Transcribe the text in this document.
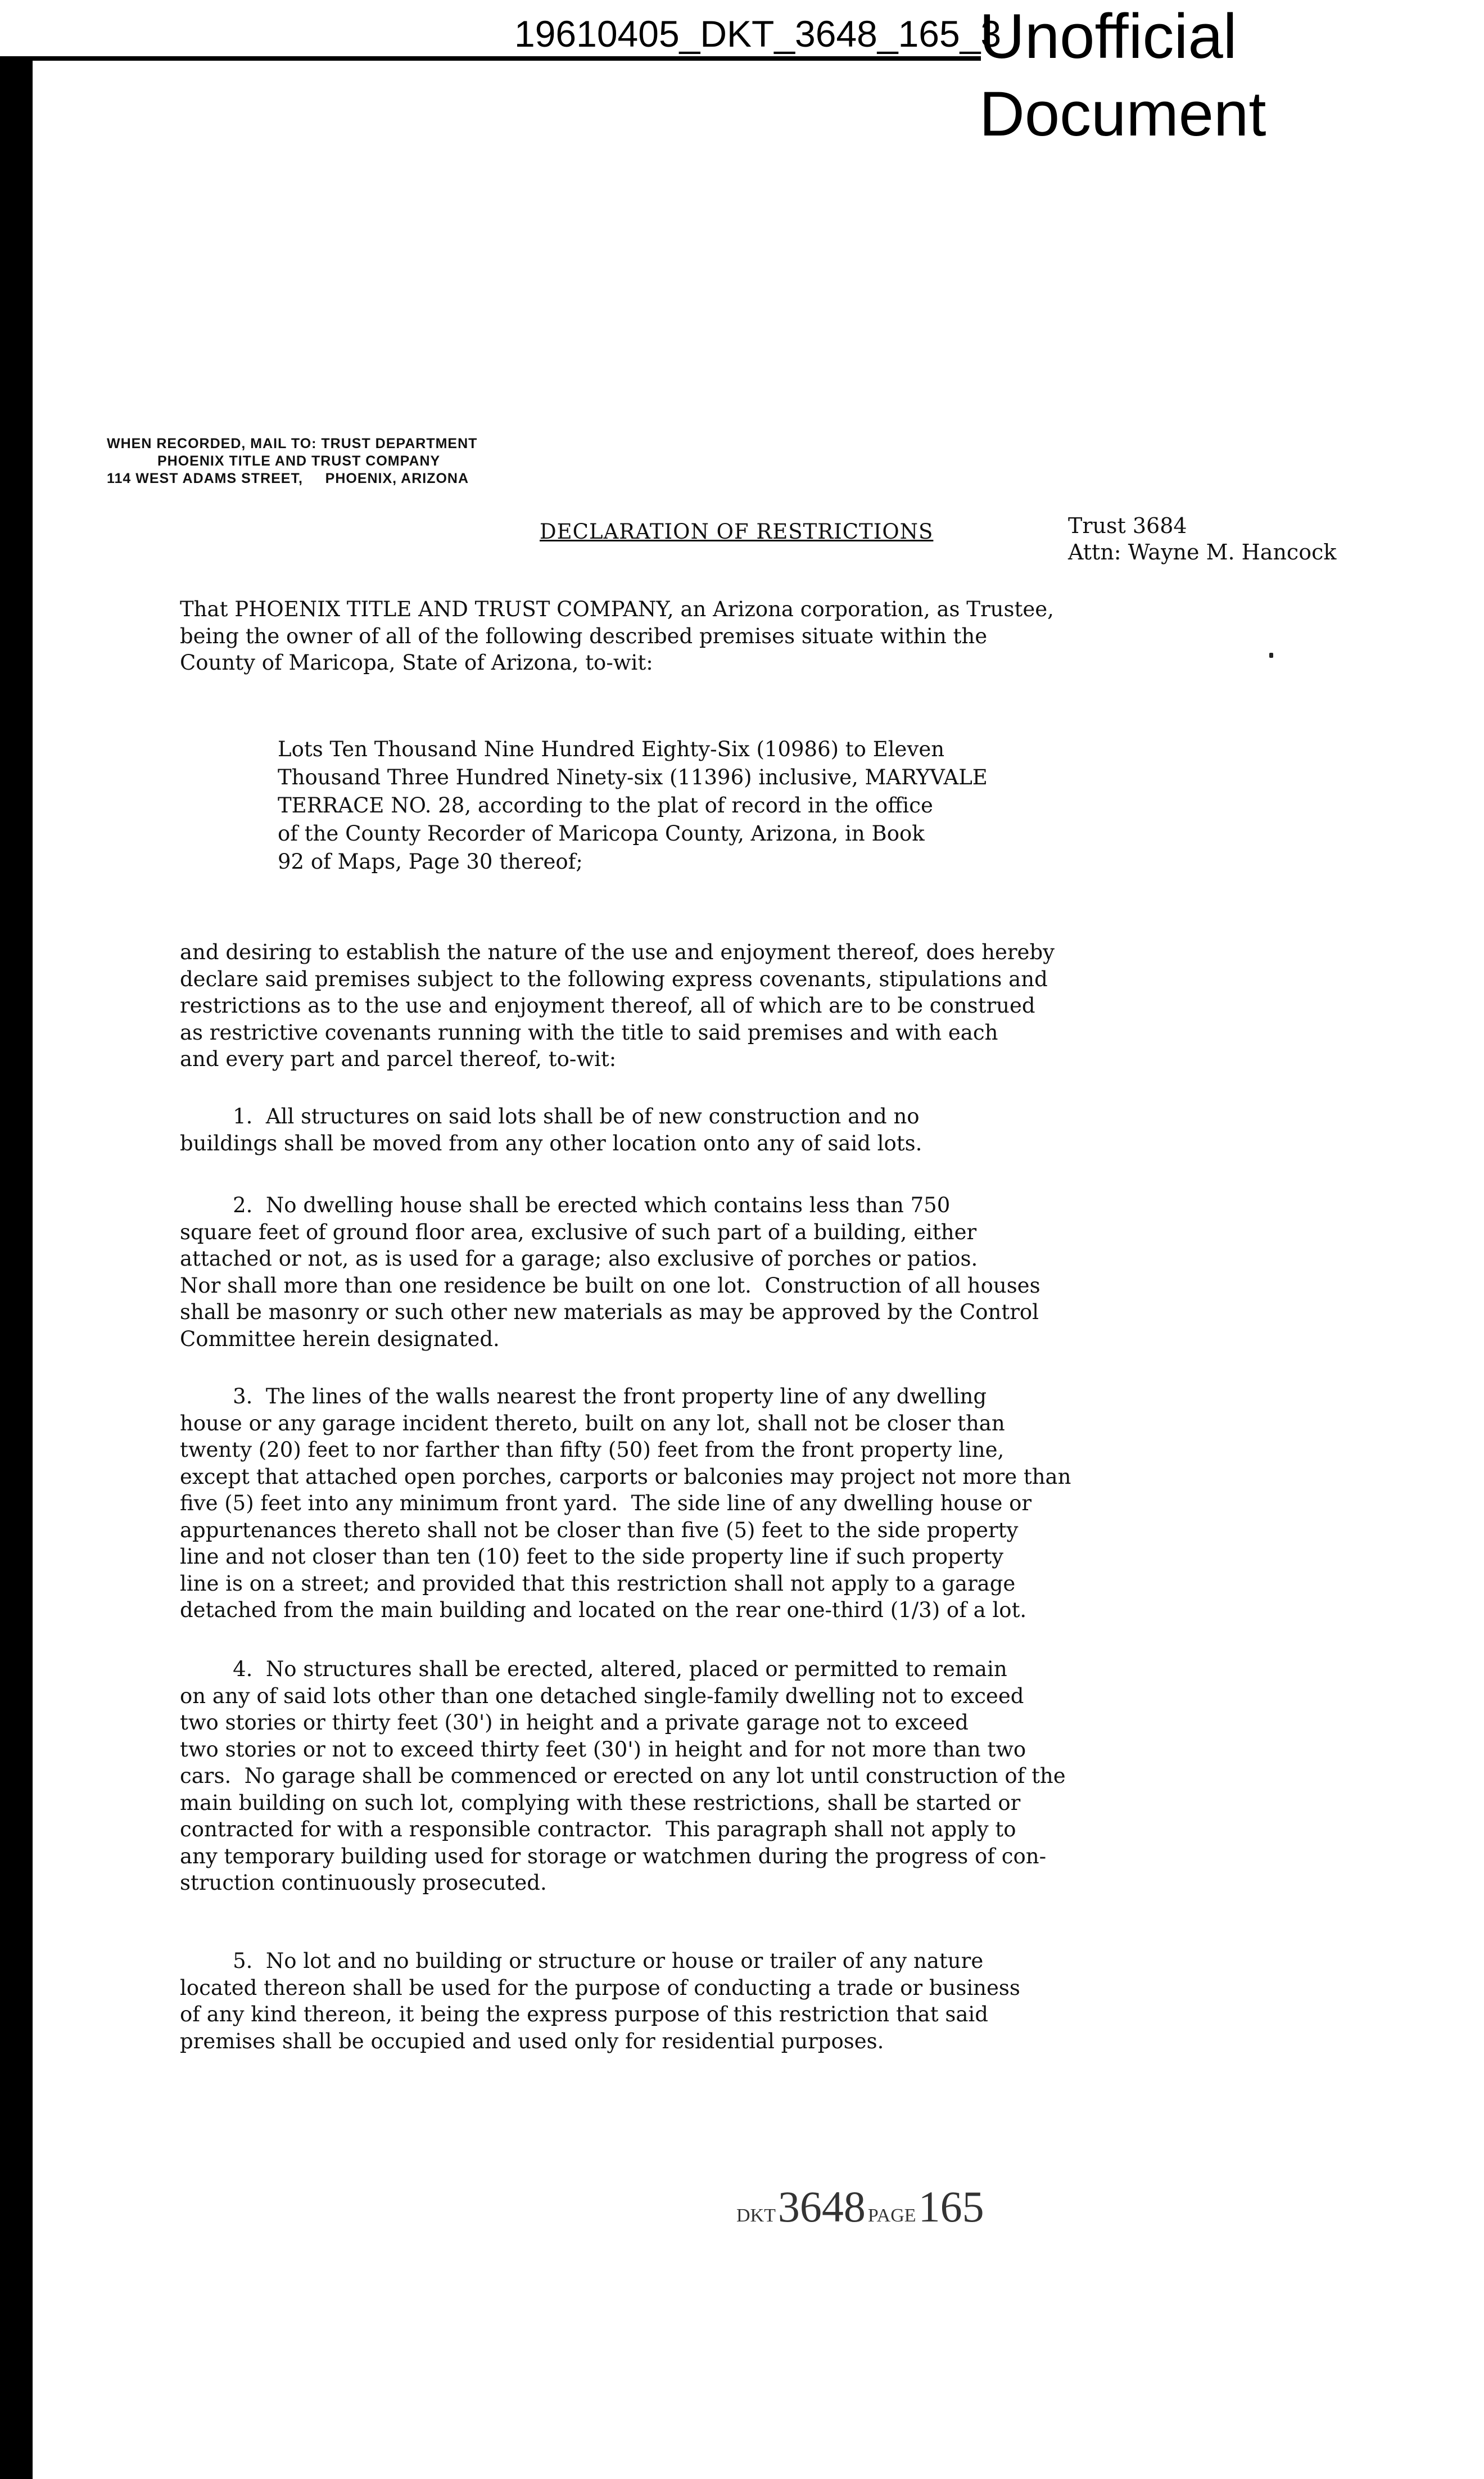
19610405_DKT_3648_165_3
Unofficial
Document
WHEN RECORDED, MAIL TO: TRUST DEPARTMENT
PHOENIX TITLE AND TRUST COMPANY
114 WEST ADAMS STREET,     PHOENIX, ARIZONA
DECLARATION OF RESTRICTIONS	Trust 3684
Attn: Wayne M. Hancock
That PHOENIX TITLE AND TRUST COMPANY, an Arizona corporation, as Trustee,
being the owner of all of the following described premises situate within the
County of Maricopa, State of Arizona, to-wit:
Lots Ten Thousand Nine Hundred Eighty-Six (10986) to Eleven
Thousand Three Hundred Ninety-six (11396) inclusive, MARYVALE
TERRACE NO. 28, according to the plat of record in the office
of the County Recorder of Maricopa County, Arizona, in Book
92 of Maps, Page 30 thereof;
and desiring to establish the nature of the use and enjoyment thereof, does hereby
declare said premises subject to the following express covenants, stipulations and
restrictions as to the use and enjoyment thereof, all of which are to be construed
as restrictive covenants running with the title to said premises and with each
and every part and parcel thereof, to-wit:
1.  All structures on said lots shall be of new construction and no
buildings shall be moved from any other location onto any of said lots.
2.  No dwelling house shall be erected which contains less than 750
square feet of ground floor area, exclusive of such part of a building, either
attached or not, as is used for a garage; also exclusive of porches or patios.
Nor shall more than one residence be built on one lot.  Construction of all houses
shall be masonry or such other new materials as may be approved by the Control
Committee herein designated.
3.  The lines of the walls nearest the front property line of any dwelling
house or any garage incident thereto, built on any lot, shall not be closer than
twenty (20) feet to nor farther than fifty (50) feet from the front property line,
except that attached open porches, carports or balconies may project not more than
five (5) feet into any minimum front yard.  The side line of any dwelling house or
appurtenances thereto shall not be closer than five (5) feet to the side property
line and not closer than ten (10) feet to the side property line if such property
line is on a street; and provided that this restriction shall not apply to a garage
detached from the main building and located on the rear one-third (1/3) of a lot.
4.  No structures shall be erected, altered, placed or permitted to remain
on any of said lots other than one detached single-family dwelling not to exceed
two stories or thirty feet (30') in height and a private garage not to exceed
two stories or not to exceed thirty feet (30') in height and for not more than two
cars.  No garage shall be commenced or erected on any lot until construction of the
main building on such lot, complying with these restrictions, shall be started or
contracted for with a responsible contractor.  This paragraph shall not apply to
any temporary building used for storage or watchmen during the progress of con-
struction continuously prosecuted.
5.  No lot and no building or structure or house or trailer of any nature
located thereon shall be used for the purpose of conducting a trade or business
of any kind thereon, it being the express purpose of this restriction that said
premises shall be occupied and used only for residential purposes.
DKT 3648 PAGE 165
